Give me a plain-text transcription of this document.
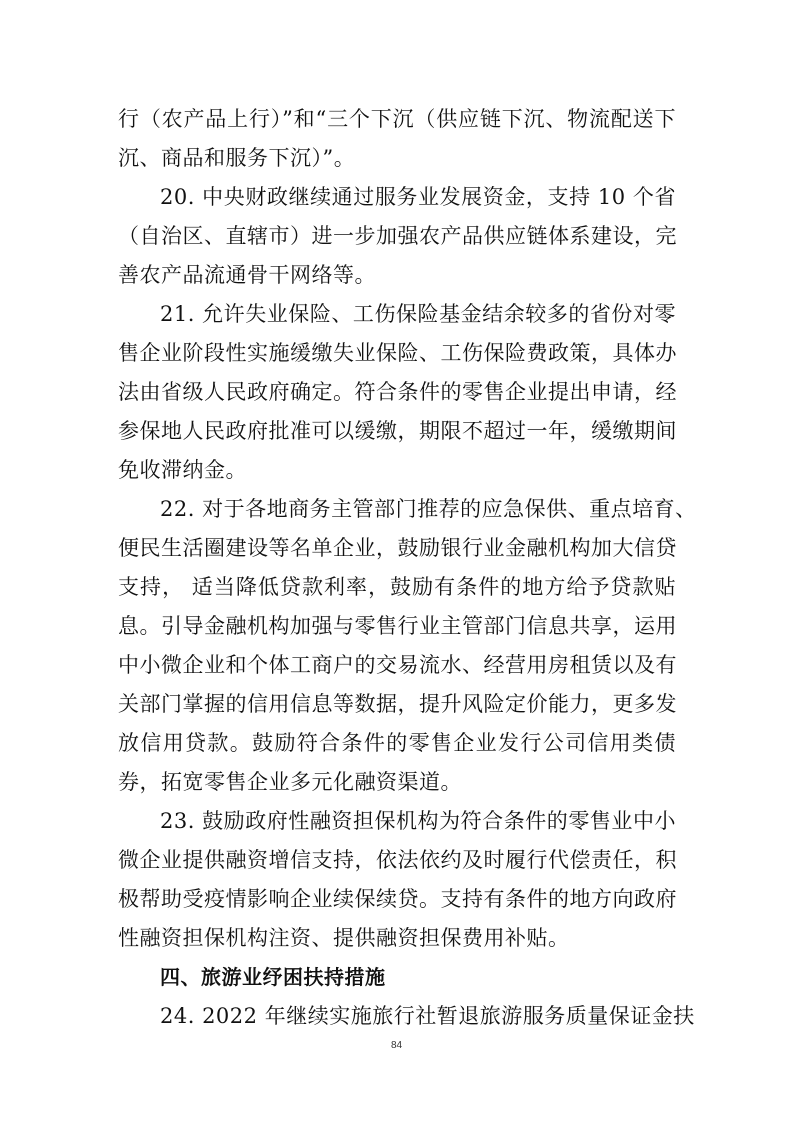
行（农产品上行）”和“三个下沉（供应链下沉、物流配送下
沉、商品和服务下沉）”。
20. 中央财政继续通过服务业发展资金，支持 10 个省
（自治区、直辖市）进一步加强农产品供应链体系建设，完
善农产品流通骨干网络等。
21. 允许失业保险、工伤保险基金结余较多的省份对零
售企业阶段性实施缓缴失业保险、工伤保险费政策，具体办
法由省级人民政府确定。符合条件的零售企业提出申请，经
参保地人民政府批准可以缓缴，期限不超过一年，缓缴期间
免收滞纳金。
22. 对于各地商务主管部门推荐的应急保供、重点培育、
便民生活圈建设等名单企业，鼓励银行业金融机构加大信贷
支持， 适当降低贷款利率，鼓励有条件的地方给予贷款贴
息。引导金融机构加强与零售行业主管部门信息共享，运用
中小微企业和个体工商户的交易流水、经营用房租赁以及有
关部门掌握的信用信息等数据，提升风险定价能力，更多发
放信用贷款。鼓励符合条件的零售企业发行公司信用类债
券，拓宽零售企业多元化融资渠道。
23. 鼓励政府性融资担保机构为符合条件的零售业中小
微企业提供融资增信支持，依法依约及时履行代偿责任，积
极帮助受疫情影响企业续保续贷。支持有条件的地方向政府
性融资担保机构注资、提供融资担保费用补贴。
四、旅游业纾困扶持措施
24. 2022 年继续实施旅行社暂退旅游服务质量保证金扶
84
